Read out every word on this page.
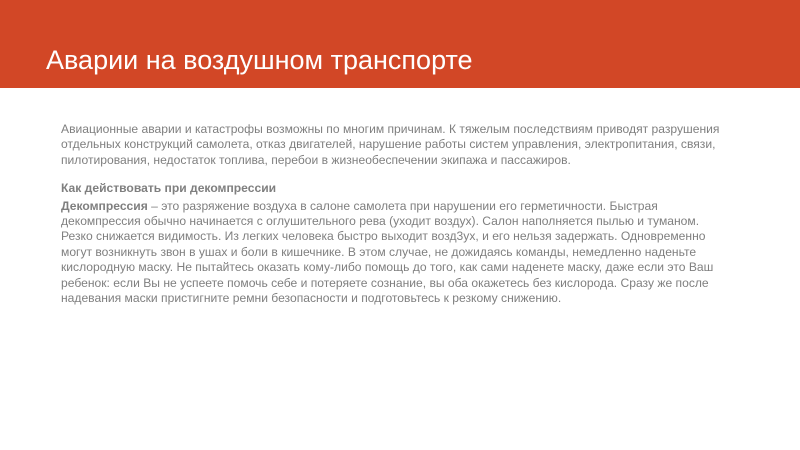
Аварии на воздушном транспорте

Авиационные аварии и катастрофы возможны по многим причинам. К тяжелым последствиям приводят разрушения отдельных конструкций самолета, отказ двигателей, нарушение работы систем управления, электропитания, связи, пилотирования, недостаток топлива, перебои в жизнеобеспечении экипажа и пассажиров.

Как действовать при декомпрессии

Декомпрессия – это разряжение воздуха в салоне самолета при нарушении его герметичности. Быстрая декомпрессия обычно начинается с оглушительного рева (уходит воздух). Салон наполняется пылью и туманом. Резко снижается видимость. Из легких человека быстро выходит возд3ух, и его нельзя задержать. Одновременно могут возникнуть звон в ушах и боли в кишечнике. В этом случае, не дожидаясь команды, немедленно наденьте кислородную маску. Не пытайтесь оказать кому-либо помощь до того, как сами наденете маску, даже если это Ваш ребенок: если Вы не успеете помочь себе и потеряете сознание, вы оба окажетесь без кислорода. Сразу же после надевания маски пристигните ремни безопасности и подготовьтесь к резкому снижению.
